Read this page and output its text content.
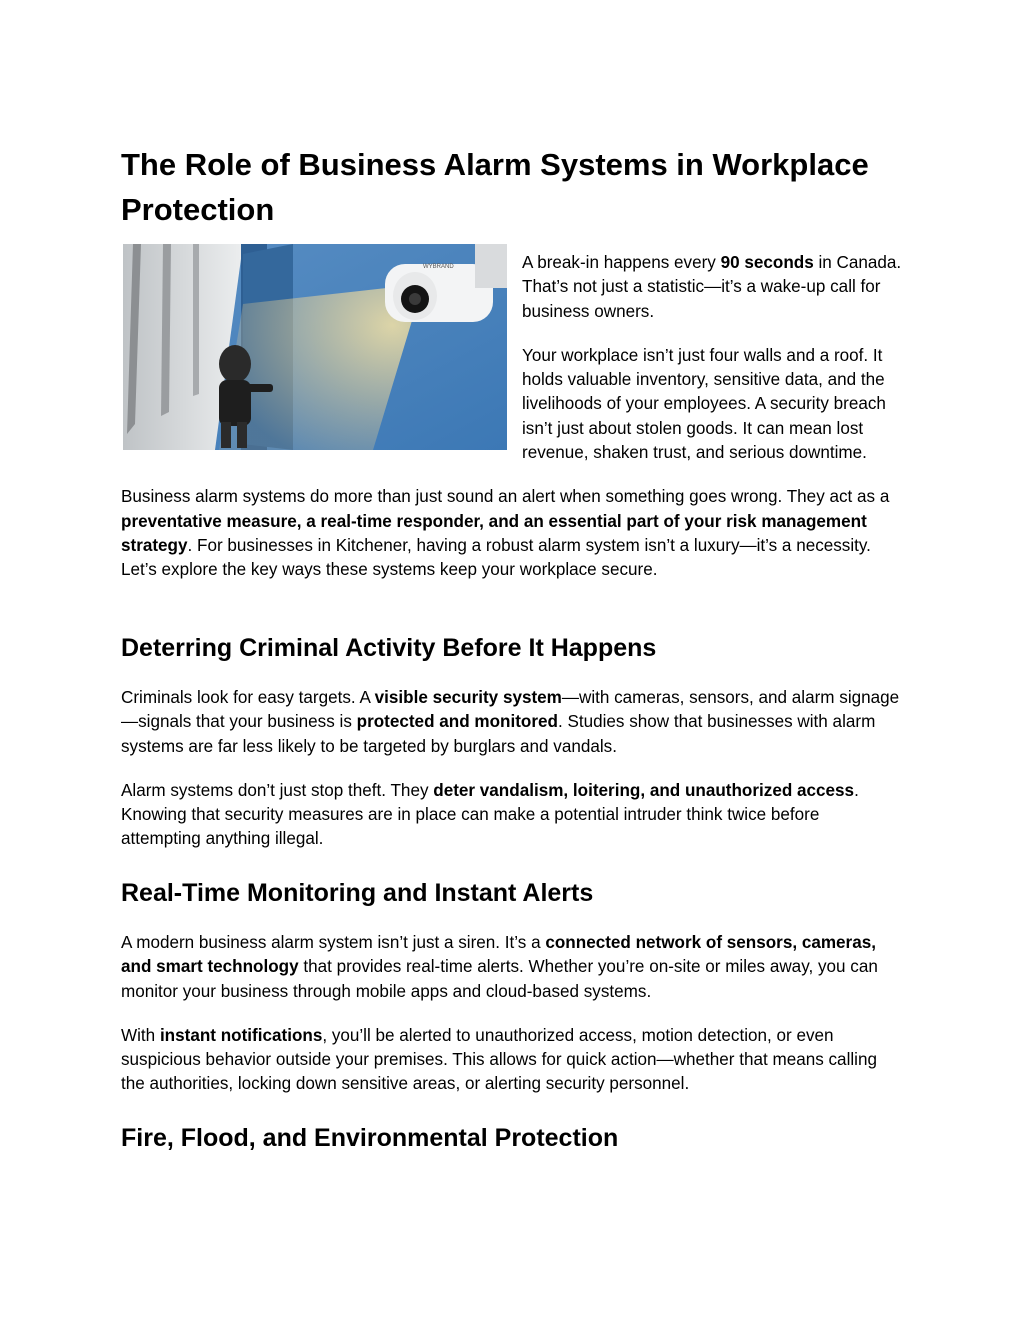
The Role of Business Alarm Systems in Workplace Protection
WYBRAND	A break-in happens every 90 seconds in Canada. That’s not just a statistic—it’s a wake-up call for business owners.

Your workplace isn’t just four walls and a roof. It holds valuable inventory, sensitive data, and the livelihoods of your employees. A security breach isn’t just about stolen goods. It can mean lost revenue, shaken trust, and serious downtime.

Business alarm systems do more than just sound an alert when something goes wrong. They act as a preventative measure, a real-time responder, and an essential part of your risk management strategy. For businesses in Kitchener, having a robust alarm system isn’t a luxury—it’s a necessity. Let’s explore the key ways these systems keep your workplace secure.

Deterring Criminal Activity Before It Happens

Criminals look for easy targets. A visible security system—with cameras, sensors, and alarm signage—signals that your business is protected and monitored. Studies show that businesses with alarm systems are far less likely to be targeted by burglars and vandals.

Alarm systems don’t just stop theft. They deter vandalism, loitering, and unauthorized access. Knowing that security measures are in place can make a potential intruder think twice before attempting anything illegal.

Real-Time Monitoring and Instant Alerts

A modern business alarm system isn’t just a siren. It’s a connected network of sensors, cameras, and smart technology that provides real-time alerts. Whether you’re on-site or miles away, you can monitor your business through mobile apps and cloud-based systems.

With instant notifications, you’ll be alerted to unauthorized access, motion detection, or even suspicious behavior outside your premises. This allows for quick action—whether that means calling the authorities, locking down sensitive areas, or alerting security personnel.

Fire, Flood, and Environmental Protection
